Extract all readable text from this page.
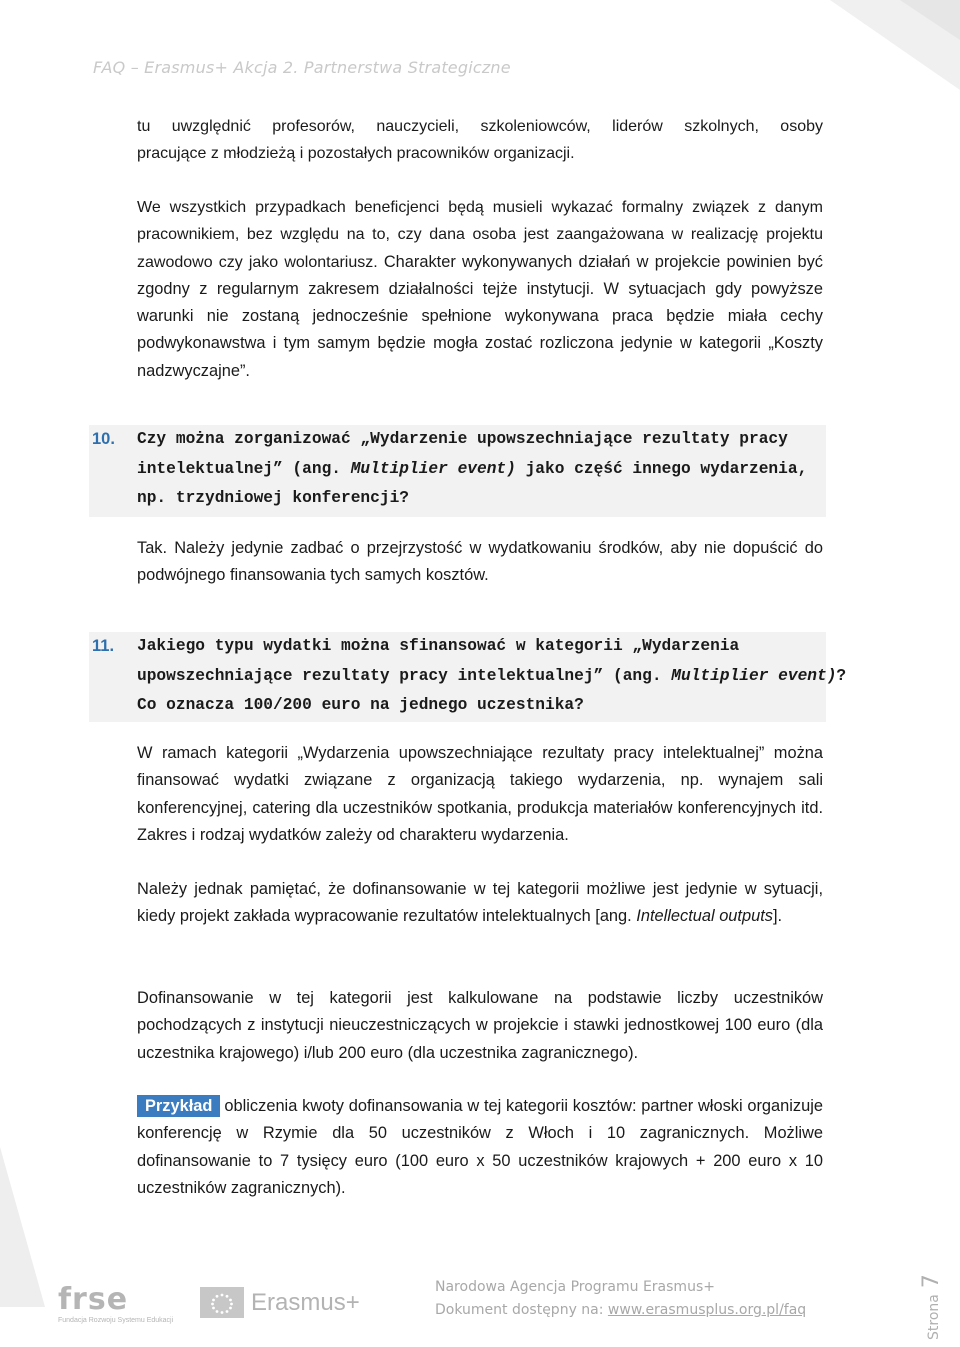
FAQ – Erasmus+ Akcja 2. Partnerstwa Strategiczne

tu uwzględnić profesorów, nauczycieli, szkoleniowców, liderów szkolnych, osoby
pracujące z młodzieżą i pozostałych pracowników organizacji.

We wszystkich przypadkach beneficjenci będą musieli wykazać formalny związek z danym pracownikiem, bez względu na to, czy dana osoba jest zaangażowana w realizację projektu zawodowo czy jako wolontariusz. Charakter wykonywanych działań w projekcie powinien być zgodny z regularnym zakresem działalności tejże instytucji. W sytuacjach gdy powyższe warunki nie zostaną jednocześnie spełnione wykonywana praca będzie miała cechy podwykonawstwa i tym samym będzie mogła zostać rozliczona jedynie w kategorii „Koszty nadzwyczajne”.

10. Czy można zorganizować „Wydarzenie upowszechniające rezultaty pracy
intelektualnej” (ang. Multiplier event) jako część innego wydarzenia,
np. trzydniowej konferencji?

Tak. Należy jedynie zadbać o przejrzystość w wydatkowaniu środków, aby nie dopuścić do podwójnego finansowania tych samych kosztów.

11. Jakiego typu wydatki można sfinansować w kategorii „Wydarzenia
upowszechniające rezultaty pracy intelektualnej” (ang. Multiplier event)?
Co oznacza 100/200 euro na jednego uczestnika?

W ramach kategorii „Wydarzenia upowszechniające rezultaty pracy intelektualnej” można finansować wydatki związane z organizacją takiego wydarzenia, np. wynajem sali konferencyjnej, catering dla uczestników spotkania, produkcja materiałów konferencyjnych itd. Zakres i rodzaj wydatków zależy od charakteru wydarzenia.

Należy jednak pamiętać, że dofinansowanie w tej kategorii możliwe jest jedynie w sytuacji, kiedy projekt zakłada wypracowanie rezultatów intelektualnych [ang. Intellectual outputs].

Dofinansowanie w tej kategorii jest kalkulowane na podstawie liczby uczestników pochodzących z instytucji nieuczestniczących w projekcie i stawki jednostkowej 100 euro (dla uczestnika krajowego) i/lub 200 euro (dla uczestnika zagranicznego).

Przykład obliczenia kwoty dofinansowania w tej kategorii kosztów: partner włoski organizuje konferencję w Rzymie dla 50 uczestników z Włoch i 10 zagranicznych. Możliwe dofinansowanie to 7 tysięcy euro (100 euro x 50 uczestników krajowych + 200 euro x 10 uczestników zagranicznych).

frse
Fundacja Rozwoju Systemu Edukacji
Erasmus+
Narodowa Agencja Programu Erasmus+
Dokument dostępny na: www.erasmusplus.org.pl/faq	Strona7
